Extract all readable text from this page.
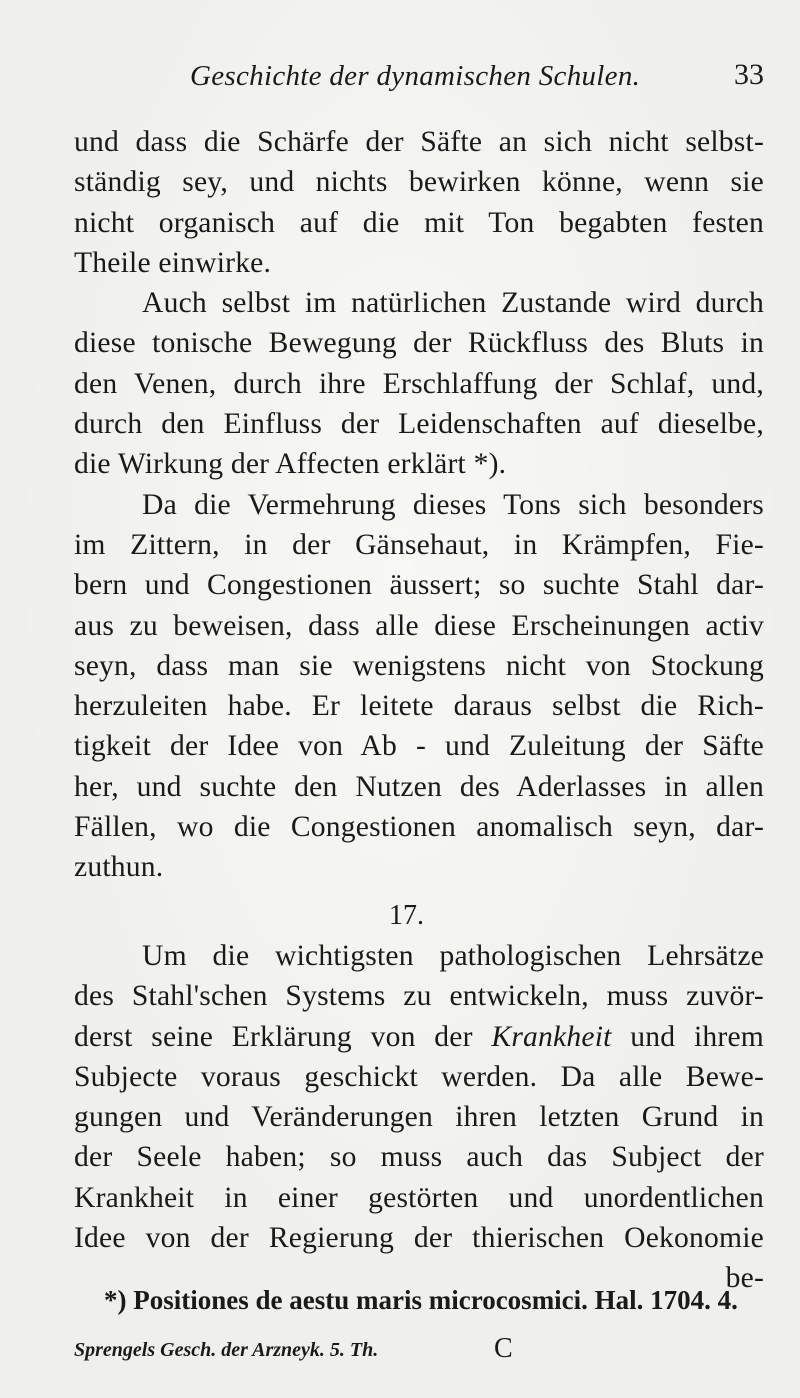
Geschichte der dynamischen Schulen.	33
und dass die Schärfe der Säfte an sich nicht selbst-
ständig sey, und nichts bewirken könne, wenn sie
nicht organisch auf die mit Ton begabten festen
Theile einwirke.
Auch selbst im natürlichen Zustande wird durch
diese tonische Bewegung der Rückfluss des Bluts in
den Venen, durch ihre Erschlaffung der Schlaf, und,
durch den Einfluss der Leidenschaften auf dieselbe,
die Wirkung der Affecten erklärt *).
Da die Vermehrung dieses Tons sich besonders
im Zittern, in der Gänsehaut, in Krämpfen, Fie-
bern und Congestionen äussert; so suchte Stahl dar-
aus zu beweisen, dass alle diese Erscheinungen activ
seyn, dass man sie wenigstens nicht von Stockung
herzuleiten habe. Er leitete daraus selbst die Rich-
tigkeit der Idee von Ab - und Zuleitung der Säfte
her, und suchte den Nutzen des Aderlasses in allen
Fällen, wo die Congestionen anomalisch seyn, dar-
zuthun.
17.
Um die wichtigsten pathologischen Lehrsätze
des Stahl'schen Systems zu entwickeln, muss zuvör-
derst seine Erklärung von der Krankheit und ihrem
Subjecte voraus geschickt werden. Da alle Bewe-
gungen und Veränderungen ihren letzten Grund in
der Seele haben; so muss auch das Subject der
Krankheit in einer gestörten und unordentlichen
Idee von der Regierung der thierischen Oekonomie
be-
*) Positiones de aestu maris microcosmici. Hal. 1704. 4.
Sprengels Gesch. der Arzneyk. 5. Th.	C
